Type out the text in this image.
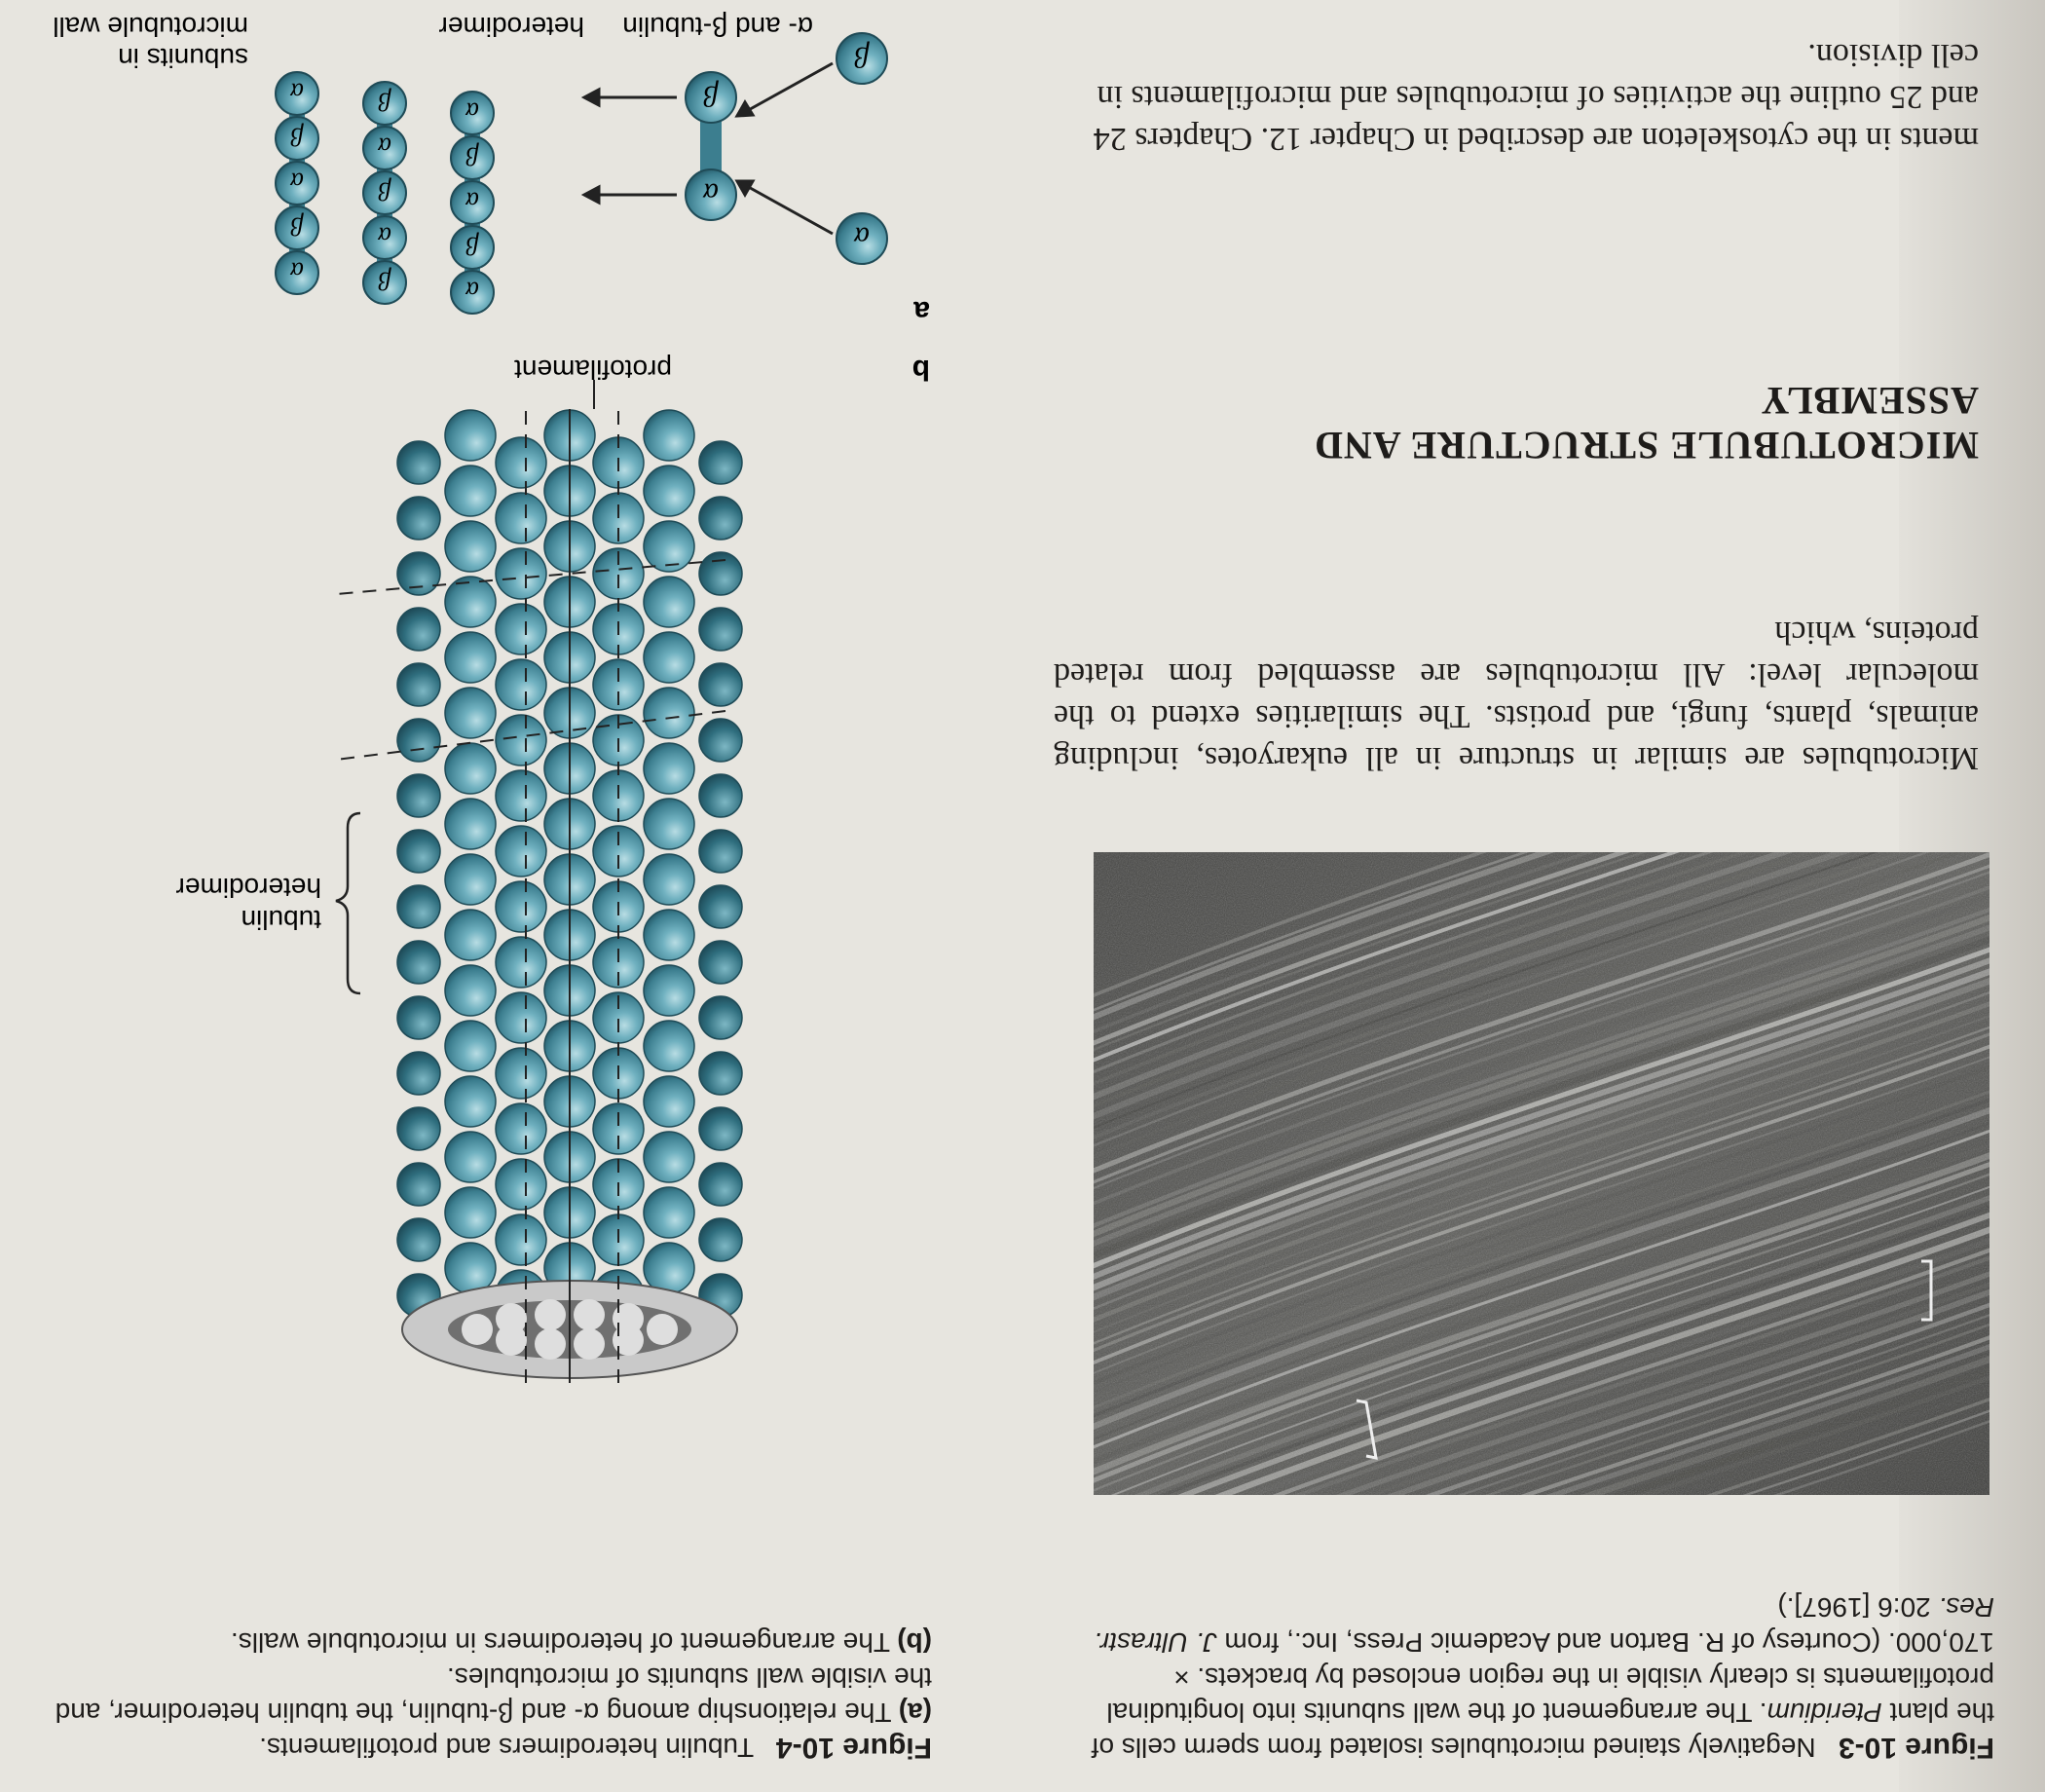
ments in the cytoskeleton are described in Chapter 12. Chapters 24 and 25 outline the activities of microtubules and microfilaments in cell division.
MICROTUBULE STRUCTURE AND ASSEMBLY
Microtubules are similar in structure in all eukaryotes, including animals, plants, fungi, and protists. The similarities extend to the molecular level: All microtubules are assembled from related proteins, which
Figure 10-3   Negatively stained microtubules isolated from sperm cells of the plant Pteridium. The arrangement of the wall subunits into longitudinal protofilaments is clearly visible in the region enclosed by brackets. × 170,000. (Courtesy of R. Barton and Academic Press, Inc., from J. Ultrastr. Res. 20:6 [1967].)
a
α
β
α
β
α
β
α
β
α
β
α
β
α
β
α
β
α
β
α
α- and β-tubulin
heterodimer
subunits in
microtubule wall
tubulin
heterodimer
b
protofilament
Figure 10-4   Tubulin heterodimers and protofilaments.
(a) The relationship among α- and β-tubulin, the tubulin heterodimer, and the visible wall subunits of microtubules.
(b) The arrangement of heterodimers in microtubule walls.
